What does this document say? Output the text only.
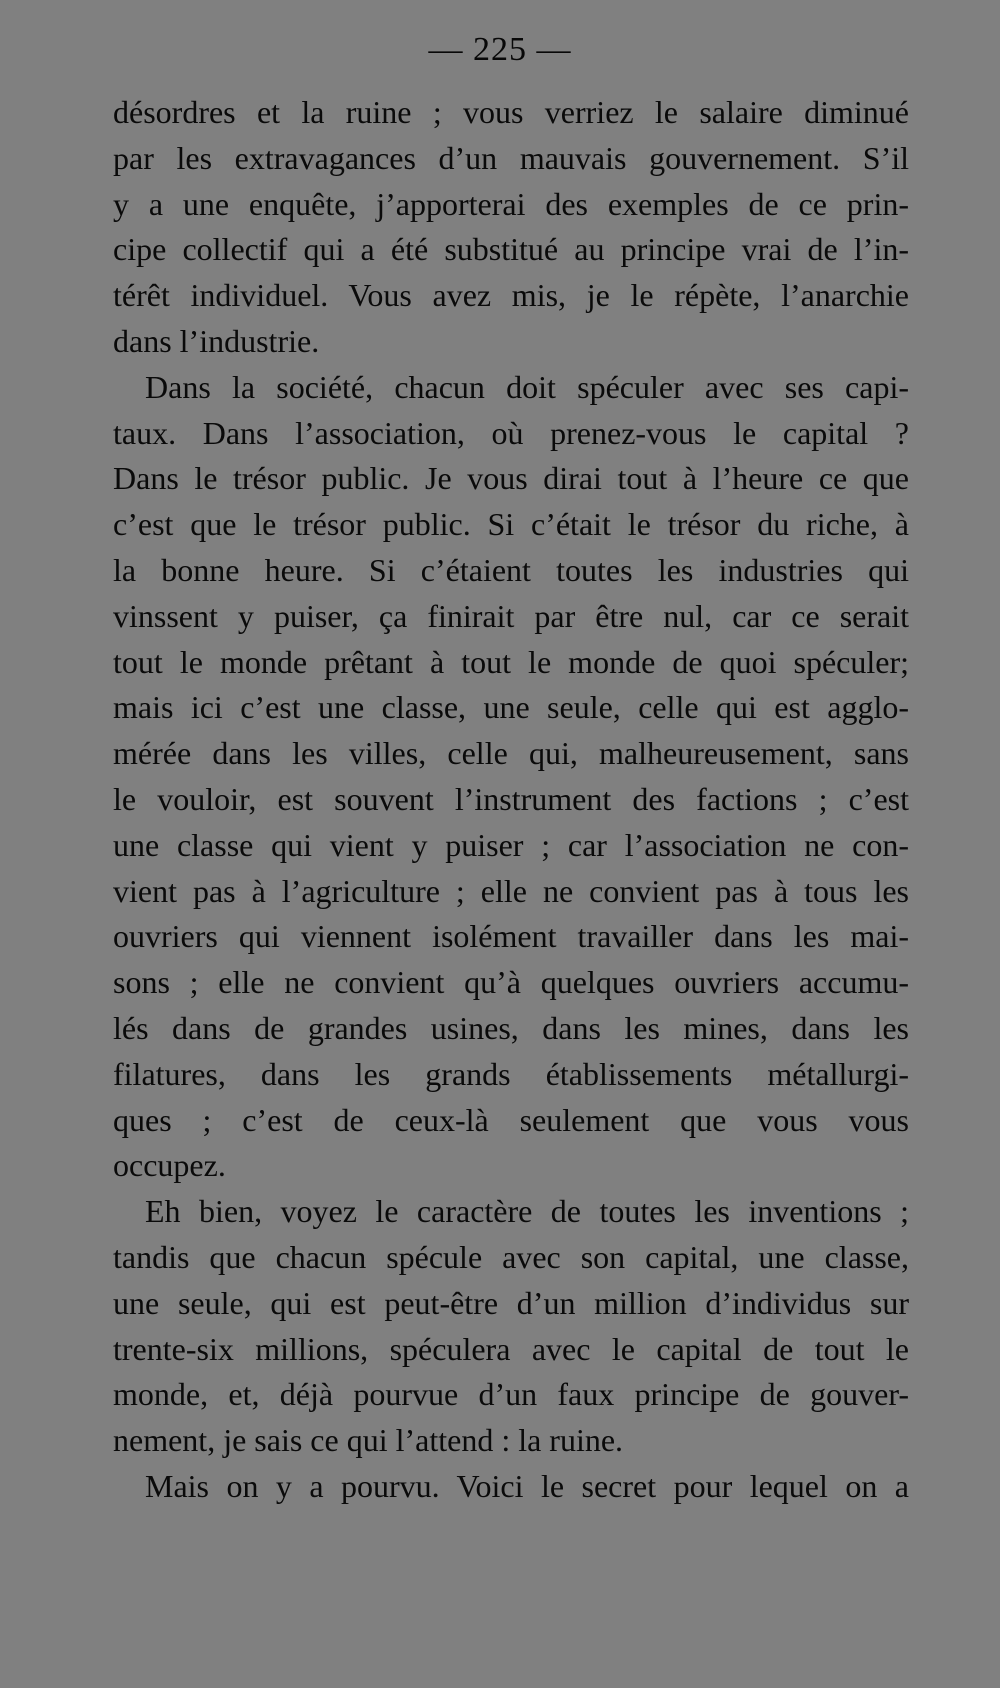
— 225 —
désordres et la ruine ; vous verriez le salaire diminué
par les extravagances d’un mauvais gouvernement. S’il
y a une enquête, j’apporterai des exemples de ce prin-
cipe collectif qui a été substitué au principe vrai de l’in-
térêt individuel. Vous avez mis, je le répète, l’anarchie
dans l’industrie.
Dans la société, chacun doit spéculer avec ses capi-
taux. Dans l’association, où prenez-vous le capital ?
Dans le trésor public. Je vous dirai tout à l’heure ce que
c’est que le trésor public. Si c’était le trésor du riche, à
la bonne heure. Si c’étaient toutes les industries qui
vinssent y puiser, ça finirait par être nul, car ce serait
tout le monde prêtant à tout le monde de quoi spéculer;
mais ici c’est une classe, une seule, celle qui est agglo-
mérée dans les villes, celle qui, malheureusement, sans
le vouloir, est souvent l’instrument des factions ; c’est
une classe qui vient y puiser ; car l’association ne con-
vient pas à l’agriculture ; elle ne convient pas à tous les
ouvriers qui viennent isolément travailler dans les mai-
sons ; elle ne convient qu’à quelques ouvriers accumu-
lés dans de grandes usines, dans les mines, dans les
filatures, dans les grands établissements métallurgi-
ques ; c’est de ceux-là seulement que vous vous
occupez.
Eh bien, voyez le caractère de toutes les inventions ;
tandis que chacun spécule avec son capital, une classe,
une seule, qui est peut-être d’un million d’individus sur
trente-six millions, spéculera avec le capital de tout le
monde, et, déjà pourvue d’un faux principe de gouver-
nement, je sais ce qui l’attend : la ruine.
Mais on y a pourvu. Voici le secret pour lequel on a
